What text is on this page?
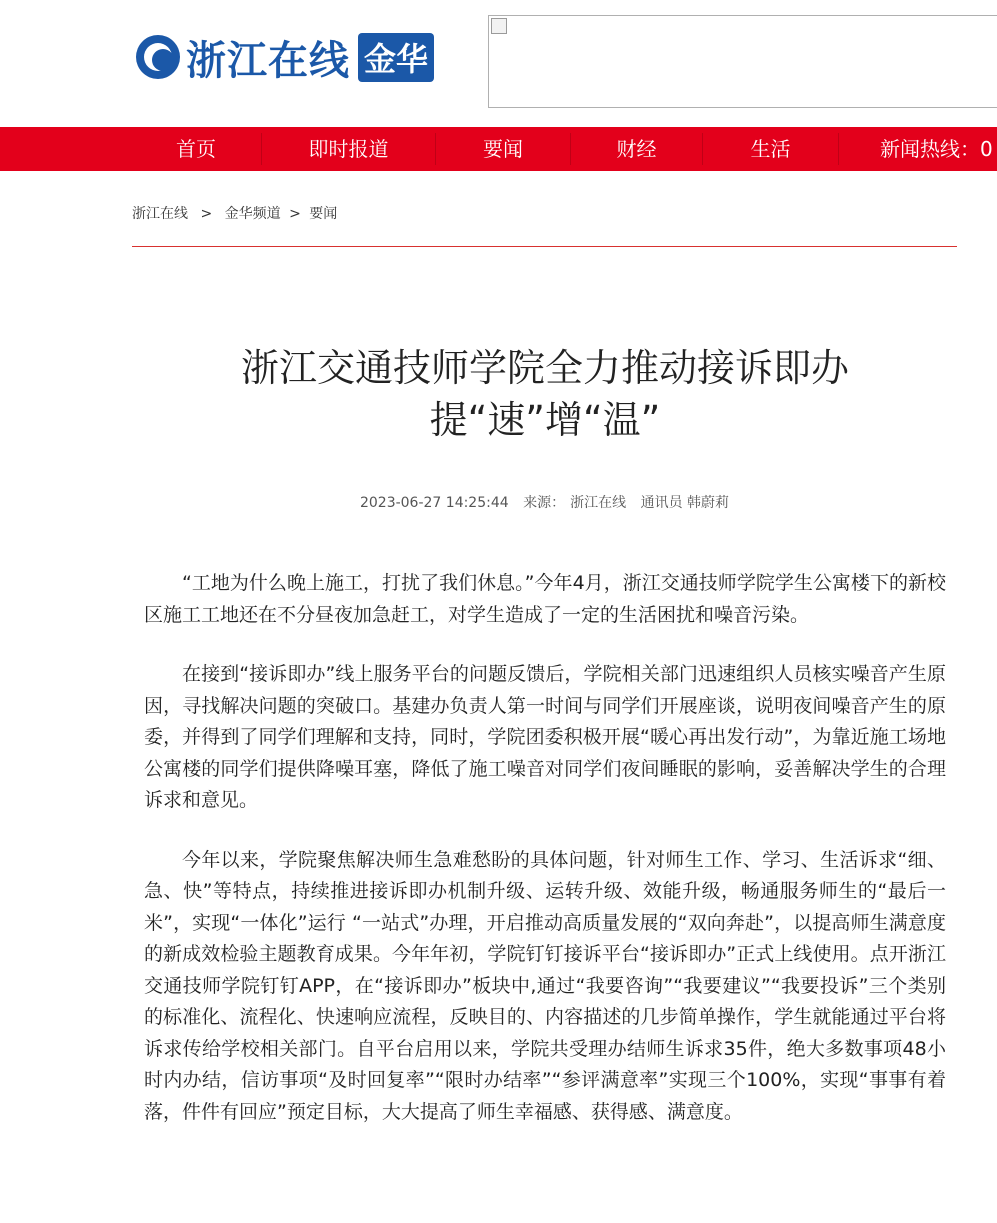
浙江在线 金华
首页	即时报道	要闻	财经	生活	新闻热线：0
浙江在线 > 金华频道 > 要闻
浙江交通技师学院全力推动接诉即办提“速”增“温”
2023-06-27 14:25:44 来源： 浙江在线 通讯员 韩蔚莉

“工地为什么晚上施工，打扰了我们休息。”今年4月，浙江交通技师学院学生公寓楼下的新校区施工工地还在不分昼夜加急赶工，对学生造成了一定的生活困扰和噪音污染。

在接到“接诉即办”线上服务平台的问题反馈后，学院相关部门迅速组织人员核实噪音产生原因，寻找解决问题的突破口。基建办负责人第一时间与同学们开展座谈，说明夜间噪音产生的原委，并得到了同学们理解和支持，同时，学院团委积极开展“暖心再出发行动”，为靠近施工场地公寓楼的同学们提供降噪耳塞，降低了施工噪音对同学们夜间睡眠的影响，妥善解决学生的合理诉求和意见。

今年以来，学院聚焦解决师生急难愁盼的具体问题，针对师生工作、学习、生活诉求“细、急、快”等特点，持续推进接诉即办机制升级、运转升级、效能升级，畅通服务师生的“最后一米”，实现“一体化”运行 “一站式”办理，开启推动高质量发展的“双向奔赴”，以提高师生满意度的新成效检验主题教育成果。今年年初，学院钉钉接诉平台“接诉即办”正式上线使用。点开浙江交通技师学院钉钉APP，在“接诉即办”板块中,通过“我要咨询”“我要建议”“我要投诉”三个类别的标准化、流程化、快速响应流程，反映目的、内容描述的几步简单操作，学生就能通过平台将诉求传给学校相关部门。自平台启用以来，学院共受理办结师生诉求35件，绝大多数事项48小时内办结，信访事项“及时回复率”“限时办结率”“参评满意率”实现三个100%，实现“事事有着落，件件有回应”预定目标，大大提高了师生幸福感、获得感、满意度。
